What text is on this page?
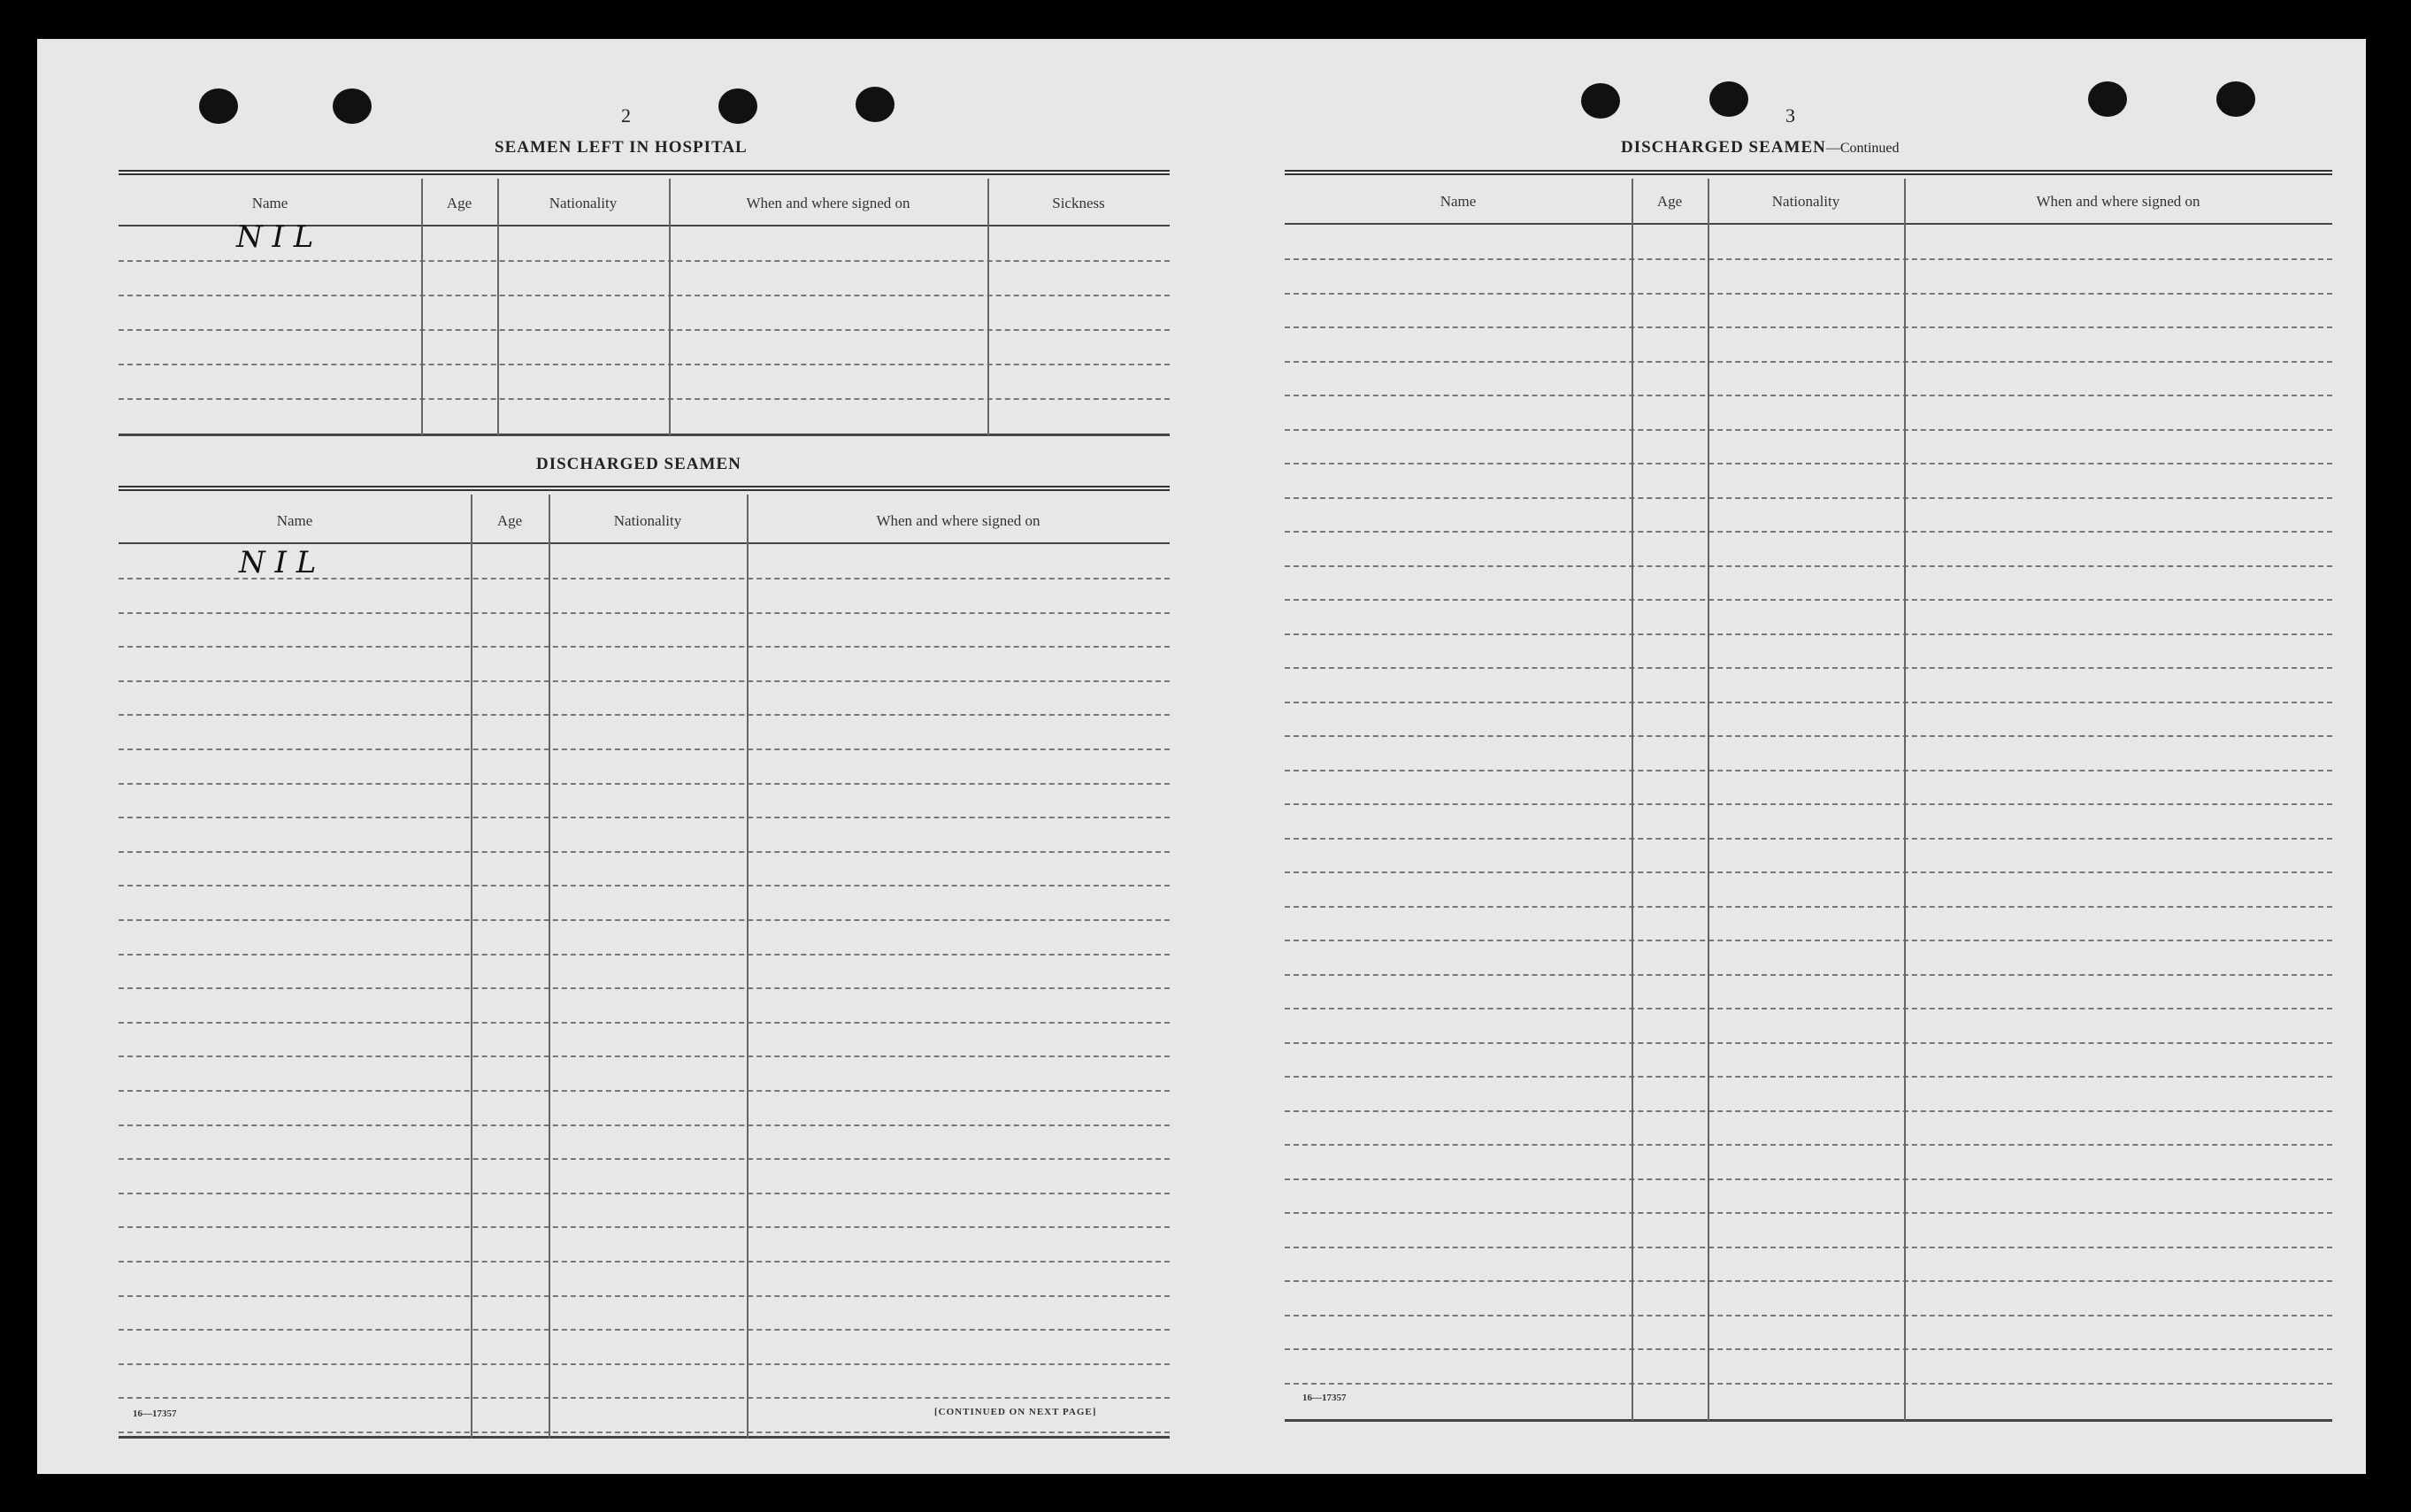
2
SEAMEN LEFT IN HOSPITAL
Name	Age	Nationality	When and where signed on	Sickness
N I L
DISCHARGED SEAMEN
Name	Age	Nationality	When and where signed on
N I L
16—17357	[CONTINUED ON NEXT PAGE]
3
DISCHARGED SEAMEN—Continued
Name	Age	Nationality	When and where signed on
16—17357
